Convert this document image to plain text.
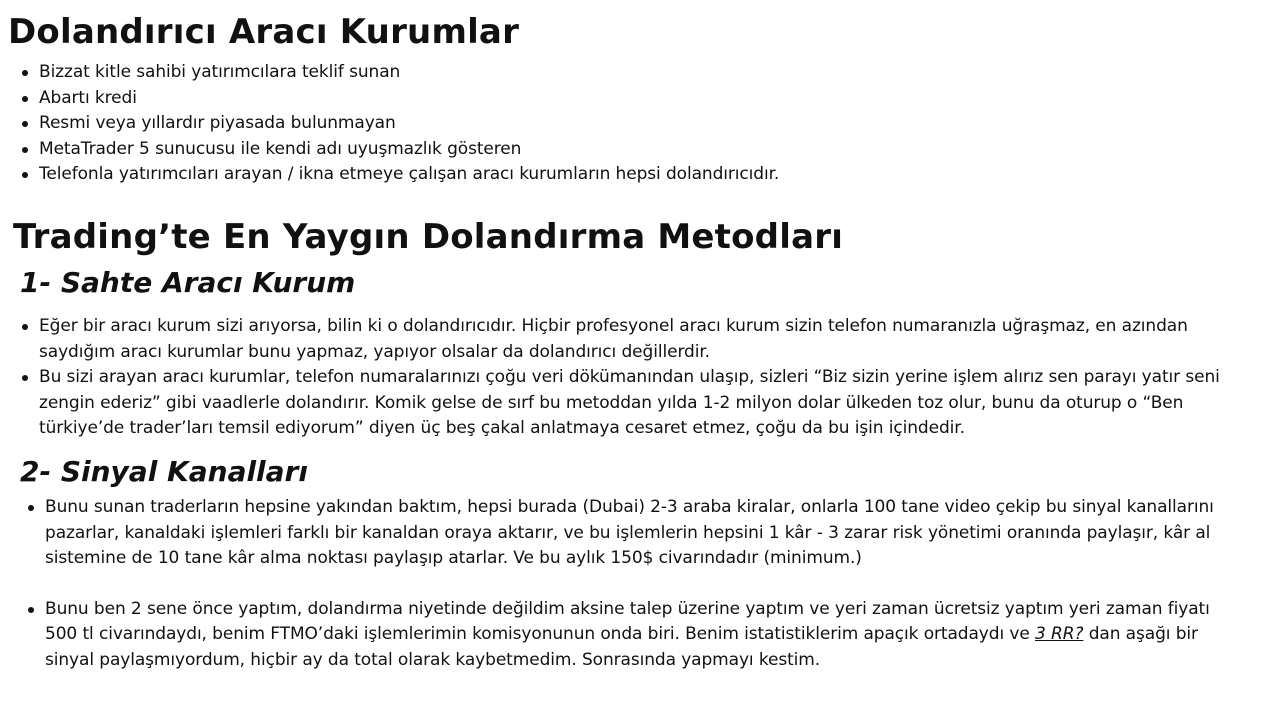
Dolandırıcı Aracı Kurumlar
Bizzat kitle sahibi yatırımcılara teklif sunan
Abartı kredi
Resmi veya yıllardır piyasada bulunmayan
MetaTrader 5 sunucusu ile kendi adı uyuşmazlık gösteren
Telefonla yatırımcıları arayan / ikna etmeye çalışan aracı kurumların hepsi dolandırıcıdır.
Trading’te En Yaygın Dolandırma Metodları
1- Sahte Aracı Kurum
Eğer bir aracı kurum sizi arıyorsa, bilin ki o dolandırıcıdır. Hiçbir profesyonel aracı kurum sizin telefon numaranızla uğraşmaz, en azından saydığım aracı kurumlar bunu yapmaz, yapıyor olsalar da dolandırıcı değillerdir.
Bu sizi arayan aracı kurumlar, telefon numaralarınızı çoğu veri dökümanından ulaşıp, sizleri “Biz sizin yerine işlem alırız sen parayı yatır seni zengin ederiz” gibi vaadlerle dolandırır. Komik gelse de sırf bu metoddan yılda 1-2 milyon dolar ülkeden toz olur, bunu da oturup o “Ben türkiye’de trader’ları temsil ediyorum” diyen üç beş çakal anlatmaya cesaret etmez, çoğu da bu işin içindedir.
2- Sinyal Kanalları
Bunu sunan traderların hepsine yakından baktım, hepsi burada (Dubai) 2-3 araba kiralar, onlarla 100 tane video çekip bu sinyal kanallarını pazarlar, kanaldaki işlemleri farklı bir kanaldan oraya aktarır, ve bu işlemlerin hepsini 1 kâr - 3 zarar risk yönetimi oranında paylaşır, kâr al sistemine de 10 tane kâr alma noktası paylaşıp atarlar. Ve bu aylık 150$ civarındadır (minimum.)
Bunu ben 2 sene önce yaptım, dolandırma niyetinde değildim aksine talep üzerine yaptım ve yeri zaman ücretsiz yaptım yeri zaman fiyatı 500 tl civarındaydı, benim FTMO’daki işlemlerimin komisyonunun onda biri. Benim istatistiklerim apaçık ortadaydı ve 3 RR? dan aşağı bir sinyal paylaşmıyordum, hiçbir ay da total olarak kaybetmedim. Sonrasında yapmayı kestim.
